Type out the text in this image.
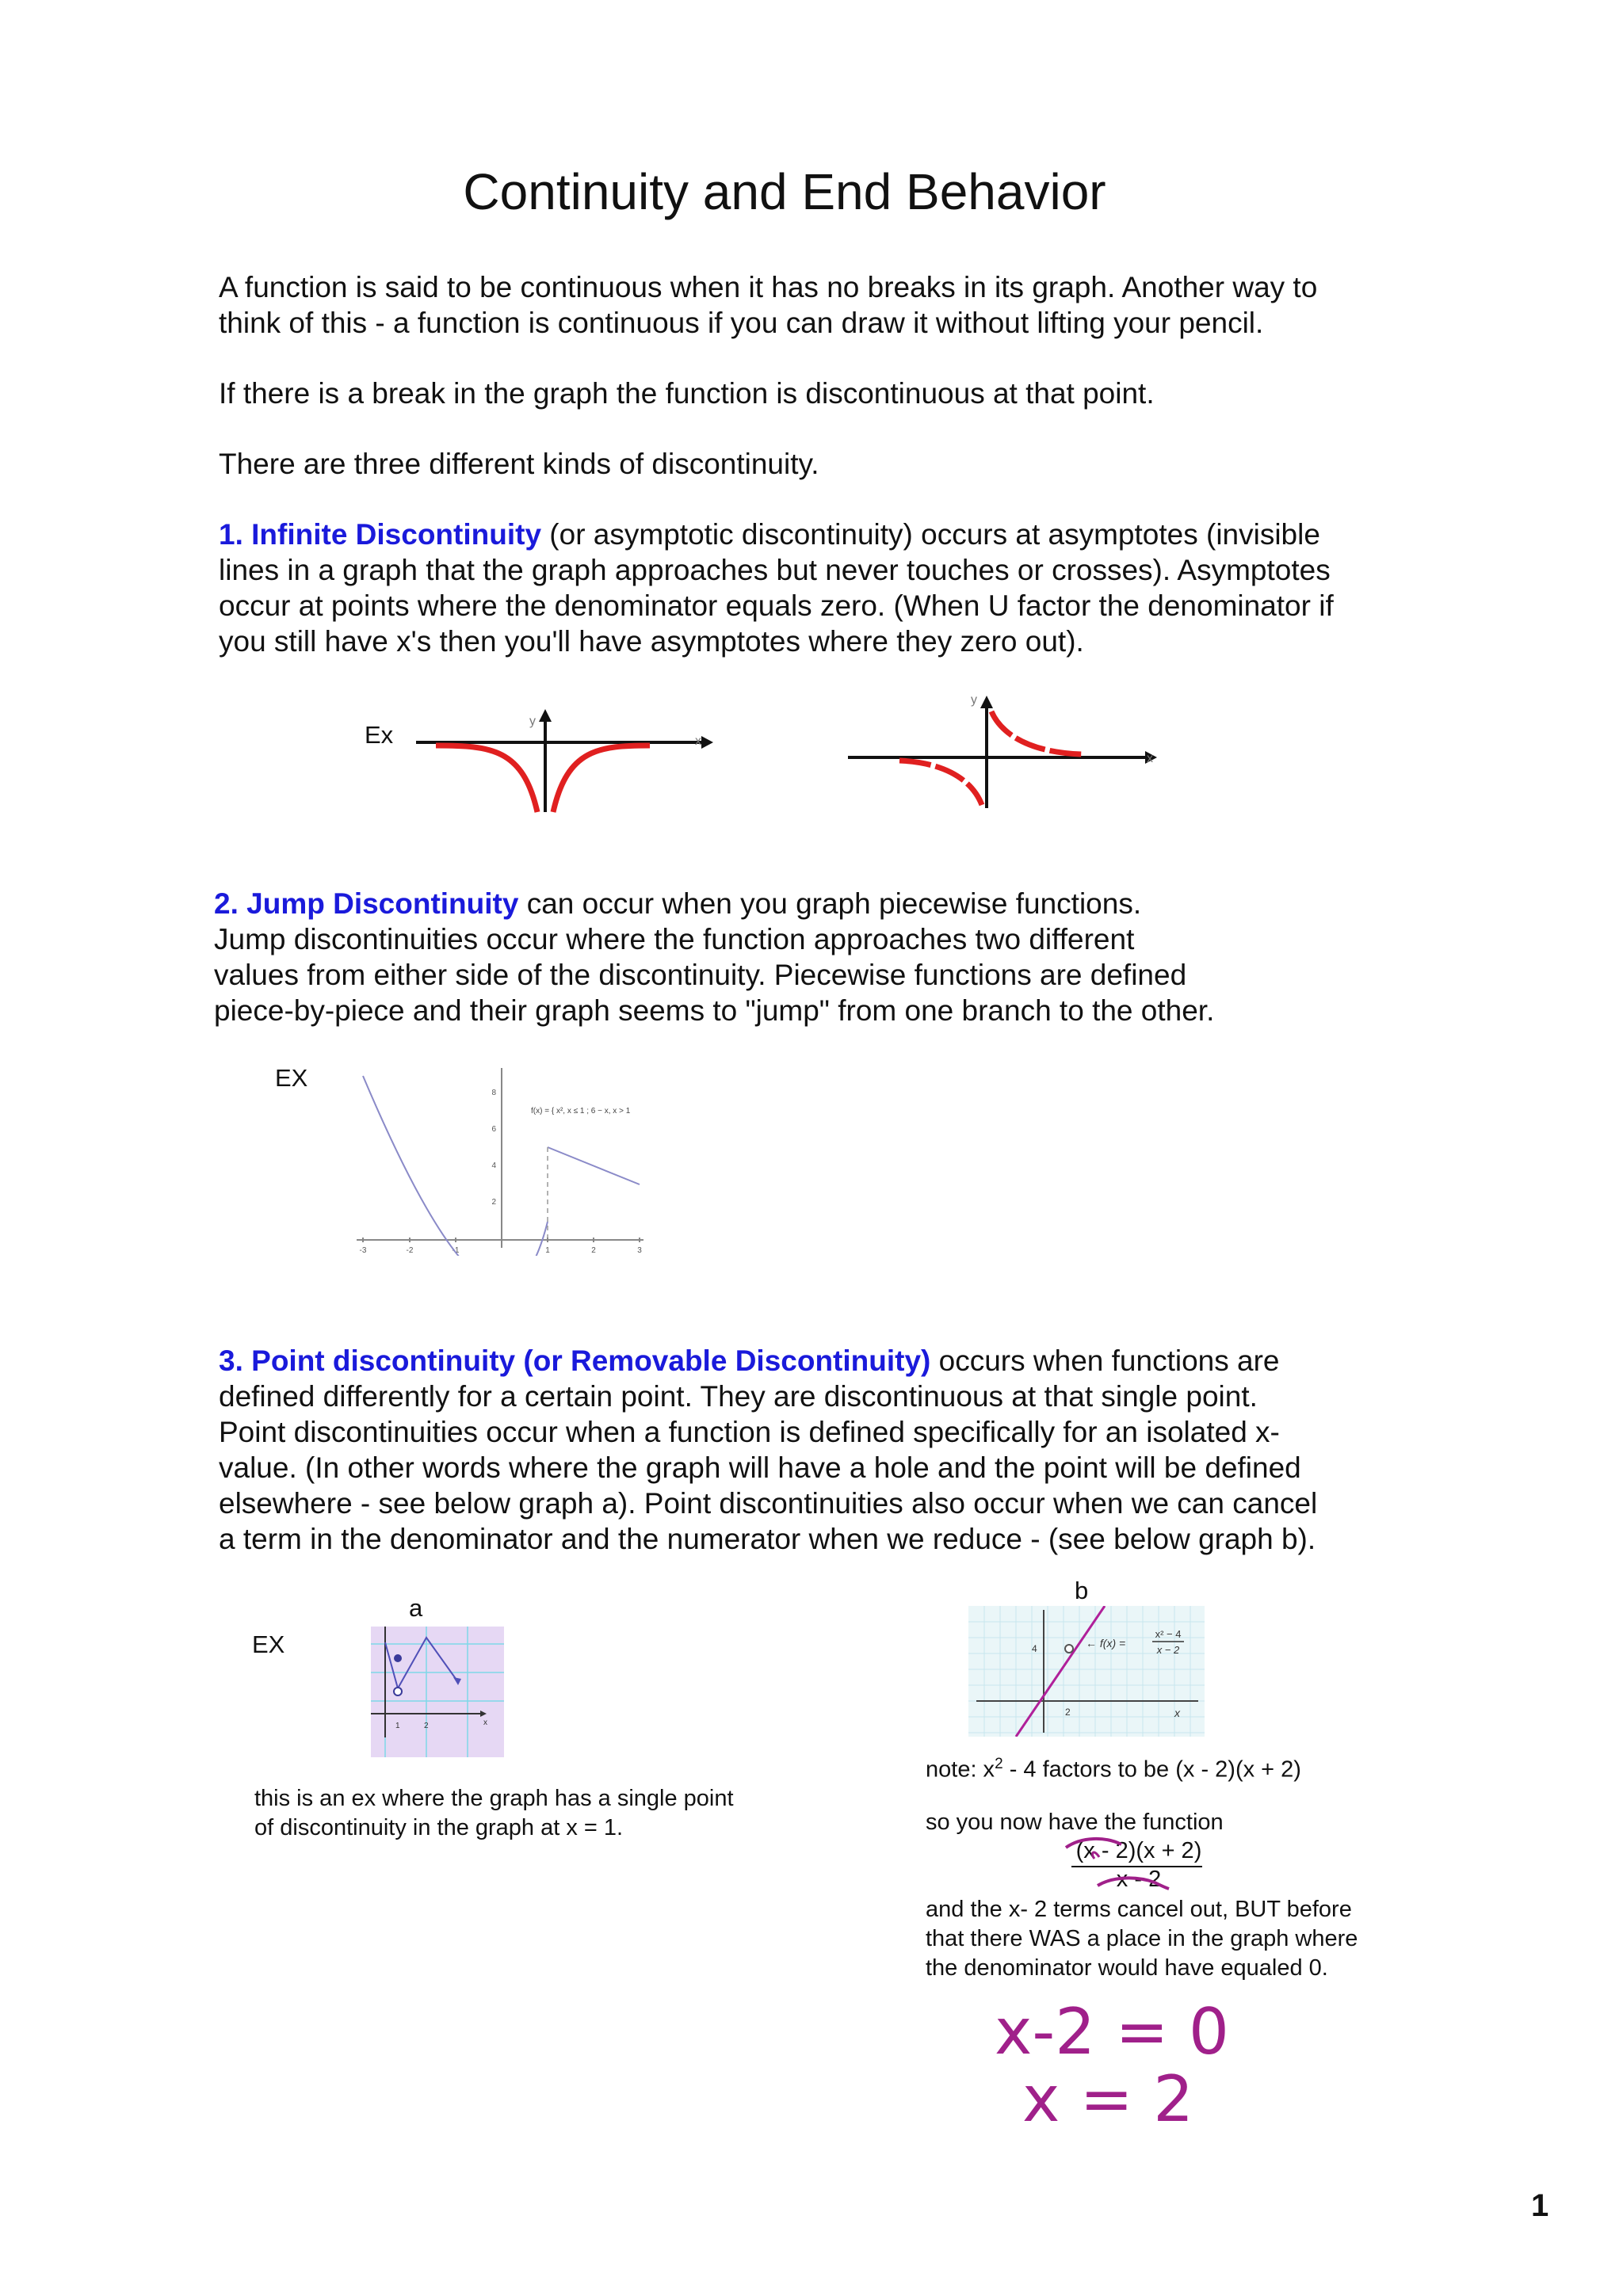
Continuity and End Behavior
A function is said to be continuous when it has no breaks in its graph. Another way to
think of this - a function is continuous if you can draw it without lifting your pencil.
If there is a break in the graph the function is discontinuous at that point.
There are three different kinds of discontinuity.
1. Infinite Discontinuity (or asymptotic discontinuity) occurs at asymptotes (invisible
lines in a graph that the graph approaches but never touches or crosses). Asymptotes
occur at points where the denominator equals zero. (When U factor the denominator if
you still have x's then you'll have asymptotes where they zero out).
Ex	y
x
y
x
2. Jump Discontinuity can occur when you graph piecewise functions.
Jump discontinuities occur where the function approaches two different
values from either side of the discontinuity. Piecewise functions are defined
piece-by-piece and their graph seems to "jump" from one branch to the other.
EX
-3	-2	-1	1	2	3
2
4
6
8
f(x) = { x², x ≤ 1 ; 6 − x, x > 1
3. Point discontinuity (or Removable Discontinuity) occurs when functions are
defined differently for a certain point. They are discontinuous at that single point.
Point discontinuities occur when a function is defined specifically for an isolated x-
value. (In other words where the graph will have a hole and the point will be defined
elsewhere - see below graph a). Point discontinuities also occur when we can cancel
a term in the denominator and the numerator when we reduce - (see below graph b).
a
b
EX
1	2	x
4
2	x
← f(x) =
x² − 4
x − 2
this is an ex where the graph has a single point
of discontinuity in the graph at x = 1.
note: $x^2 - 4$ factors to be (x - 2)(x + 2)
so you now have the function
(x - 2)(x + 2)
x - 2
and the x- 2 terms cancel out, BUT before
that there WAS a place in the graph where
the denominator would have equaled 0.
x-2 = 0
x = 2
1
